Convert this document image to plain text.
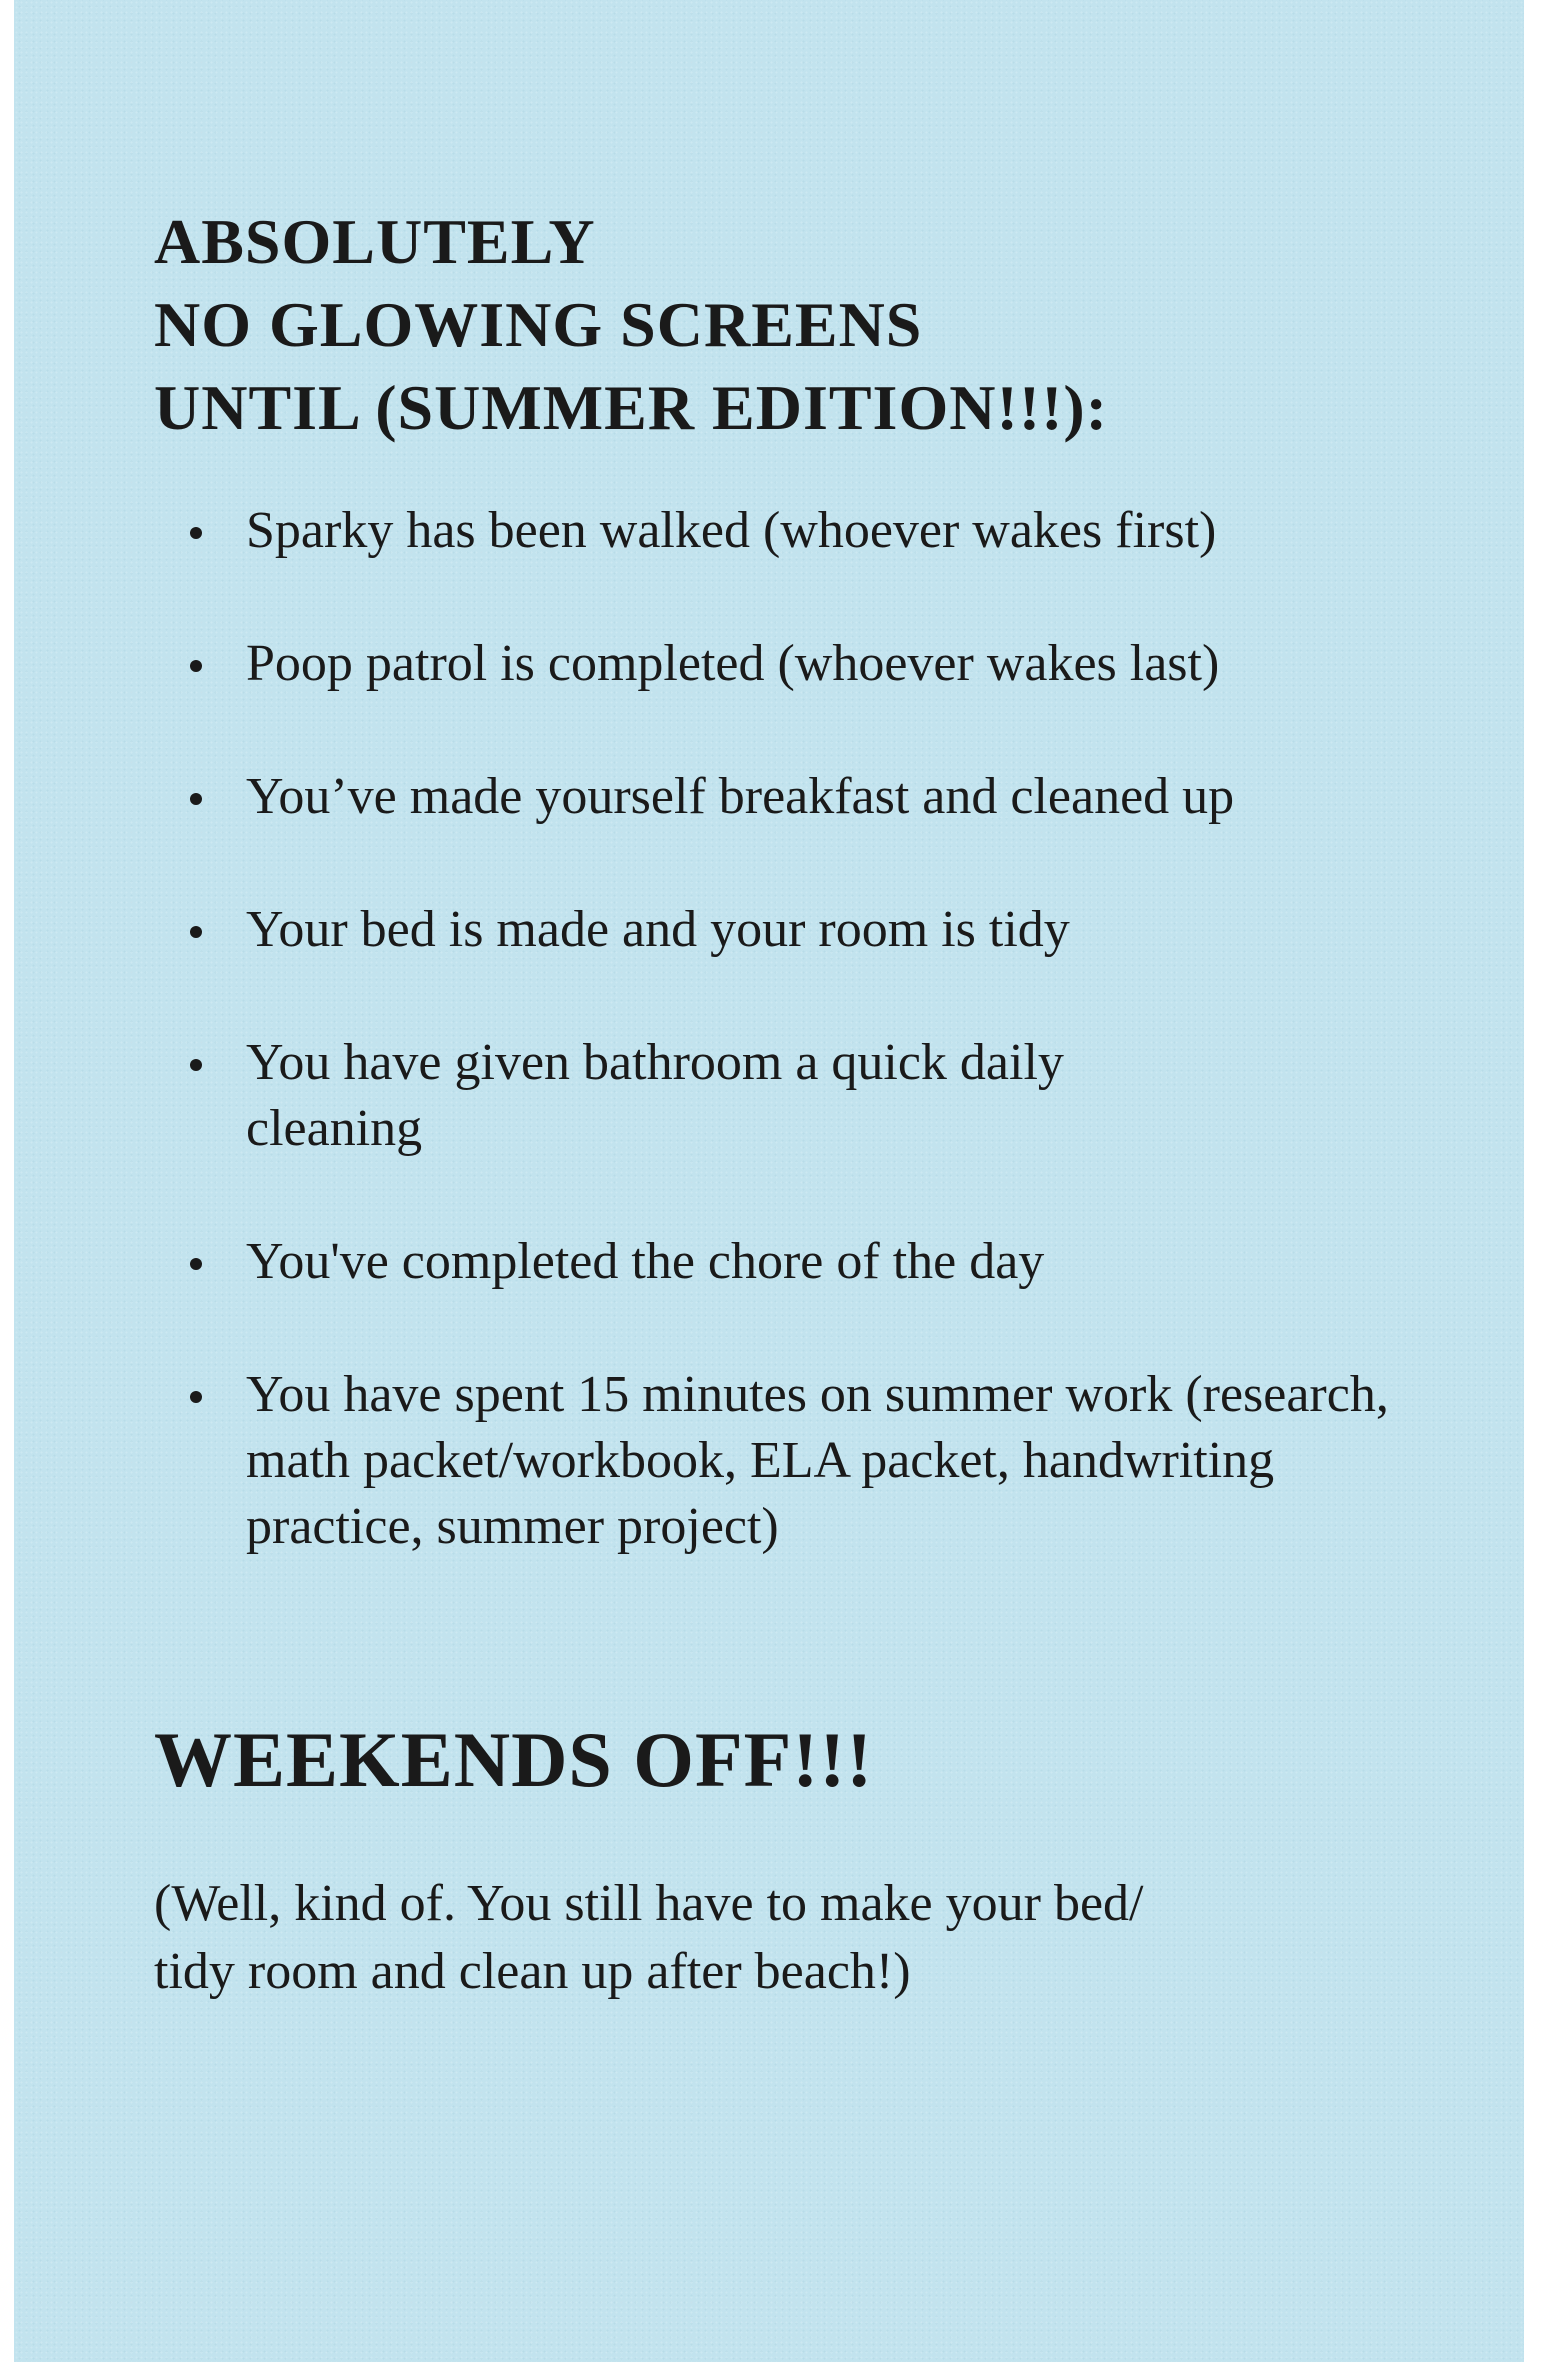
ABSOLUTELY
NO GLOWING SCREENS
UNTIL (SUMMER EDITION!!!):
Sparky has been walked (whoever wakes first)
Poop patrol is completed (whoever wakes last)
You’ve made yourself breakfast and cleaned up
Your bed is made and your room is tidy
You have given bathroom a quick daily cleaning
You've completed the chore of the day
You have spent 15 minutes on summer work (research, math packet/workbook, ELA packet, handwriting practice, summer project)
WEEKENDS OFF!!!

(Well, kind of. You still have to make your bed/
tidy room and clean up after beach!)
